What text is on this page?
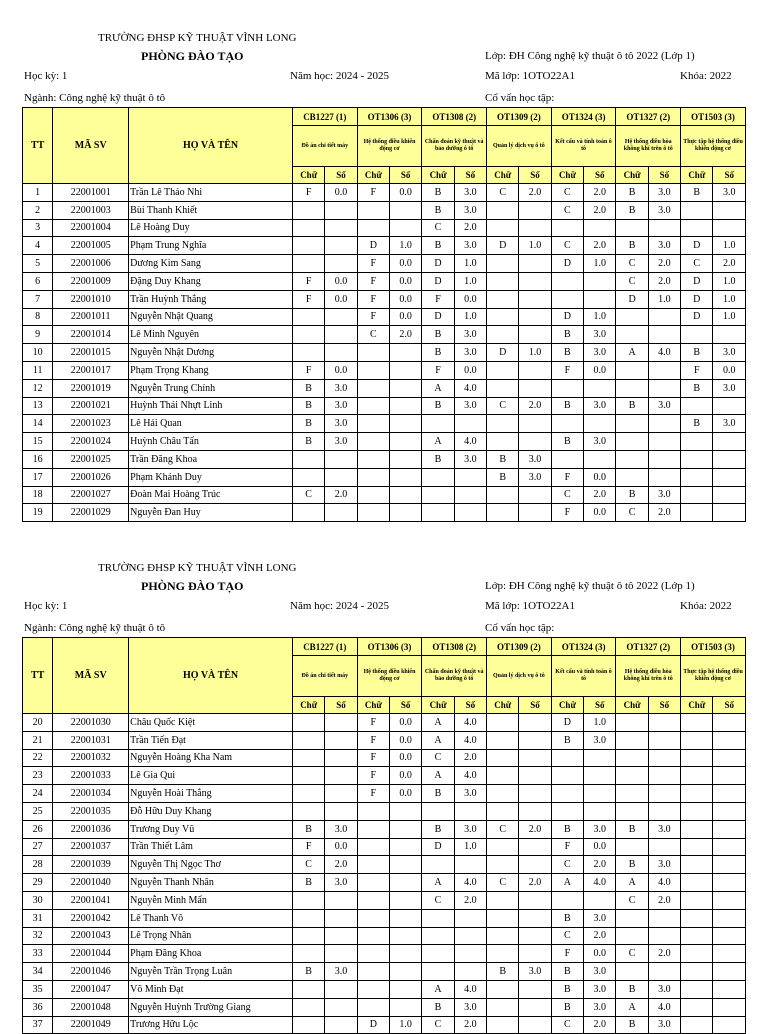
TRƯỜNG ĐHSP KỸ THUẬT VĨNH LONG
PHÒNG ĐÀO TẠO	Lớp: ĐH Công nghệ kỹ thuật ô tô 2022 (Lớp 1)
Học kỳ: 1	Năm học: 2024 - 2025	Mã lớp: 1OTO22A1	Khóa: 2022
Ngành: Công nghệ kỹ thuật ô tô	Cố vấn học tập:
TT	MÃ SV	HỌ VÀ TÊN	CB1227 (1)		OT1306 (3)		OT1308 (2)		OT1309 (2)		OT1324 (3)		OT1327 (2)		OT1503 (3)	
			Đồ án chi tiết máy		Hệ thống điều khiển động cơ		Chẩn đoán kỹ thuật và bảo dưỡng ô tô		Quản lý dịch vụ ô tô		Kết cấu và tính toán ô tô		Hệ thống điều hòa không khí trên ô tô		Thực tập hệ thống điều khiển động cơ	
			Chữ	Số	Chữ	Số	Chữ	Số	Chữ	Số	Chữ	Số	Chữ	Số	Chữ	Số
1	22001001	Trần Lê Thảo Nhi	F	0.0	F	0.0	B	3.0	C	2.0	C	2.0	B	3.0	B	3.0
2	22001003	Bùi Thanh Khiết					B	3.0			C	2.0	B	3.0		
3	22001004	Lê Hoàng Duy					C	2.0								
4	22001005	Phạm Trung Nghĩa			D	1.0	B	3.0	D	1.0	C	2.0	B	3.0	D	1.0
5	22001006	Dương Kim Sang			F	0.0	D	1.0			D	1.0	C	2.0	C	2.0
6	22001009	Đặng Duy Khang	F	0.0	F	0.0	D	1.0					C	2.0	D	1.0
7	22001010	Trần Huỳnh Thắng	F	0.0	F	0.0	F	0.0					D	1.0	D	1.0
8	22001011	Nguyễn Nhật Quang			F	0.0	D	1.0			D	1.0			D	1.0
9	22001014	Lê Minh Nguyên			C	2.0	B	3.0			B	3.0				
10	22001015	Nguyễn Nhật Dương					B	3.0	D	1.0	B	3.0	A	4.0	B	3.0
11	22001017	Phạm Trọng Khang	F	0.0			F	0.0			F	0.0			F	0.0
12	22001019	Nguyễn Trung Chính	B	3.0			A	4.0							B	3.0
13	22001021	Huỳnh Thái Nhựt Linh	B	3.0			B	3.0	C	2.0	B	3.0	B	3.0		
14	22001023	Lê Hải Quan	B	3.0											B	3.0
15	22001024	Huỳnh Châu Tấn	B	3.0			A	4.0			B	3.0				
16	22001025	Trần Đăng Khoa					B	3.0	B	3.0						
17	22001026	Phạm Khánh Duy							B	3.0	F	0.0				
18	22001027	Đoàn Mai Hoàng Trúc	C	2.0							C	2.0	B	3.0		
19	22001029	Nguyễn Đan Huy									F	0.0	C	2.0		
TRƯỜNG ĐHSP KỸ THUẬT VĨNH LONG
PHÒNG ĐÀO TẠO	Lớp: ĐH Công nghệ kỹ thuật ô tô 2022 (Lớp 1)
Học kỳ: 1	Năm học: 2024 - 2025	Mã lớp: 1OTO22A1	Khóa: 2022
Ngành: Công nghệ kỹ thuật ô tô	Cố vấn học tập:
TT	MÃ SV	HỌ VÀ TÊN	CB1227 (1)		OT1306 (3)		OT1308 (2)		OT1309 (2)		OT1324 (3)		OT1327 (2)		OT1503 (3)	
			Đồ án chi tiết máy		Hệ thống điều khiển động cơ		Chẩn đoán kỹ thuật và bảo dưỡng ô tô		Quản lý dịch vụ ô tô		Kết cấu và tính toán ô tô		Hệ thống điều hòa không khí trên ô tô		Thực tập hệ thống điều khiển động cơ	
			Chữ	Số	Chữ	Số	Chữ	Số	Chữ	Số	Chữ	Số	Chữ	Số	Chữ	Số
20	22001030	Châu Quốc Kiệt			F	0.0	A	4.0			D	1.0				
21	22001031	Trần Tiến Đạt			F	0.0	A	4.0			B	3.0				
22	22001032	Nguyễn Hoàng Kha Nam			F	0.0	C	2.0								
23	22001033	Lê Gia Qui			F	0.0	A	4.0								
24	22001034	Nguyễn Hoài Thắng			F	0.0	B	3.0								
25	22001035	Đỗ Hữu Duy Khang														
26	22001036	Trương Duy Vũ	B	3.0			B	3.0	C	2.0	B	3.0	B	3.0		
27	22001037	Trần Thiết Lâm	F	0.0			D	1.0			F	0.0				
28	22001039	Nguyễn Thị Ngọc Thơ	C	2.0							C	2.0	B	3.0		
29	22001040	Nguyễn Thanh Nhân	B	3.0			A	4.0	C	2.0	A	4.0	A	4.0		
30	22001041	Nguyễn Minh Mẩn					C	2.0					C	2.0		
31	22001042	Lê Thanh Vô									B	3.0				
32	22001043	Lê Trọng Nhân									C	2.0				
33	22001044	Phạm Đăng Khoa									F	0.0	C	2.0		
34	22001046	Nguyễn Trần Trọng Luân	B	3.0					B	3.0	B	3.0				
35	22001047	Võ Minh Đạt					A	4.0			B	3.0	B	3.0		
36	22001048	Nguyễn Huỳnh Trường Giang					B	3.0			B	3.0	A	4.0		
37	22001049	Trương Hữu Lộc			D	1.0	C	2.0			C	2.0	B	3.0		
